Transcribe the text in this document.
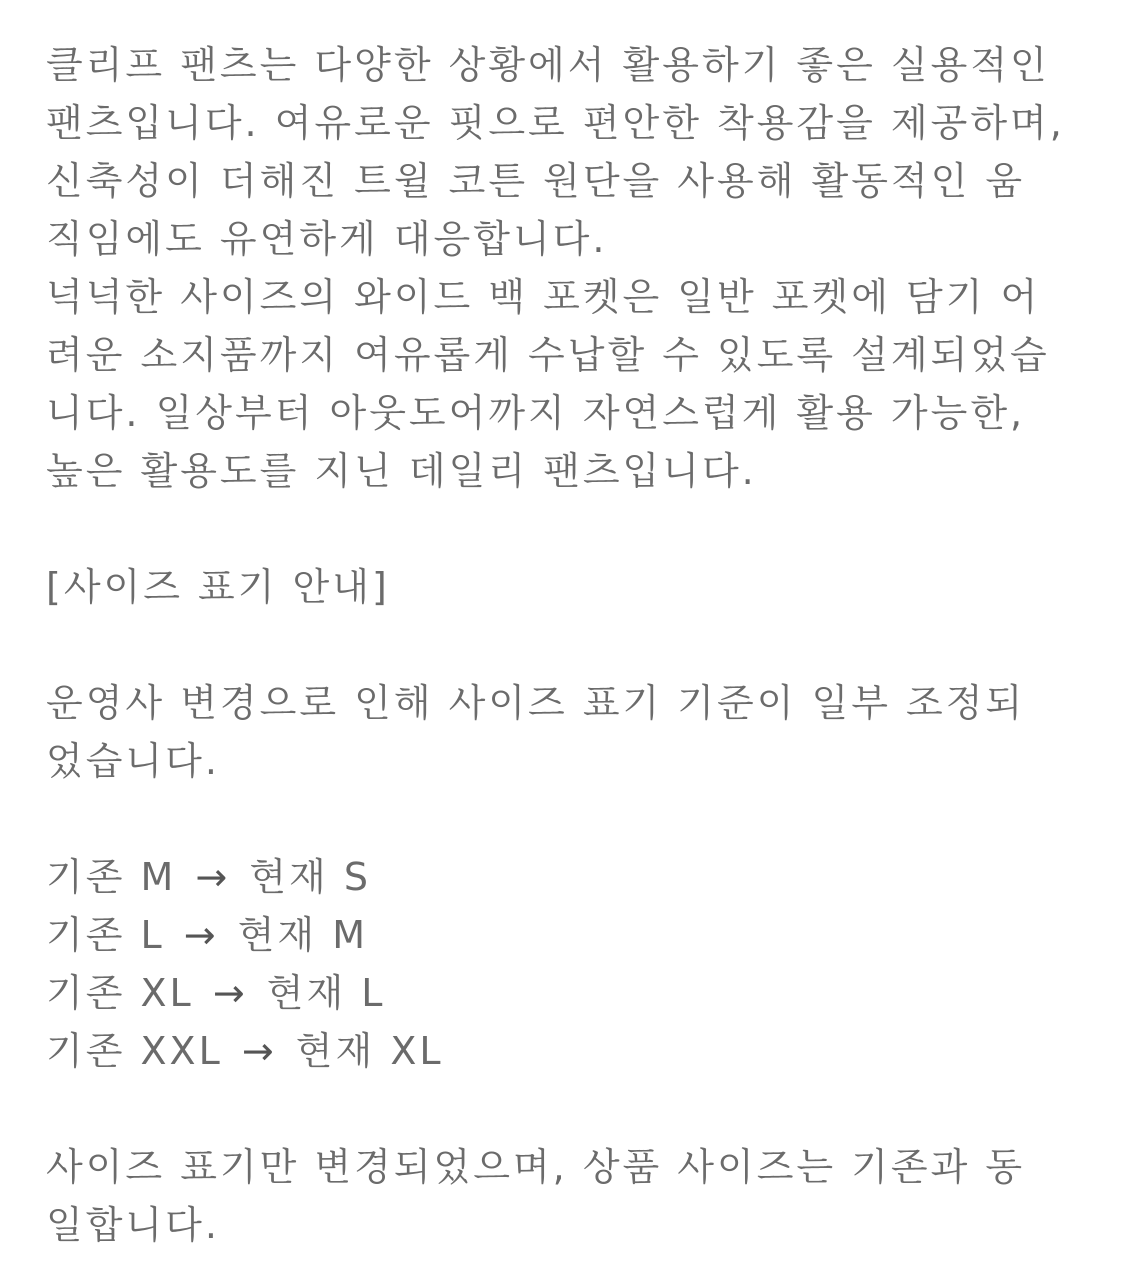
클리프 팬츠는 다양한 상황에서 활용하기 좋은 실용적인
팬츠입니다. 여유로운 핏으로 편안한 착용감을 제공하며,
신축성이 더해진 트윌 코튼 원단을 사용해 활동적인 움
직임에도 유연하게 대응합니다.
넉넉한 사이즈의 와이드 백 포켓은 일반 포켓에 담기 어
려운 소지품까지 여유롭게 수납할 수 있도록 설계되었습
니다. 일상부터 아웃도어까지 자연스럽게 활용 가능한,
높은 활용도를 지닌 데일리 팬츠입니다.
[사이즈 표기 안내]
운영사 변경으로 인해 사이즈 표기 기준이 일부 조정되
었습니다.
기존 M → 현재 S
기존 L → 현재 M
기존 XL → 현재 L
기존 XXL → 현재 XL
사이즈 표기만 변경되었으며, 상품 사이즈는 기존과 동
일합니다.
